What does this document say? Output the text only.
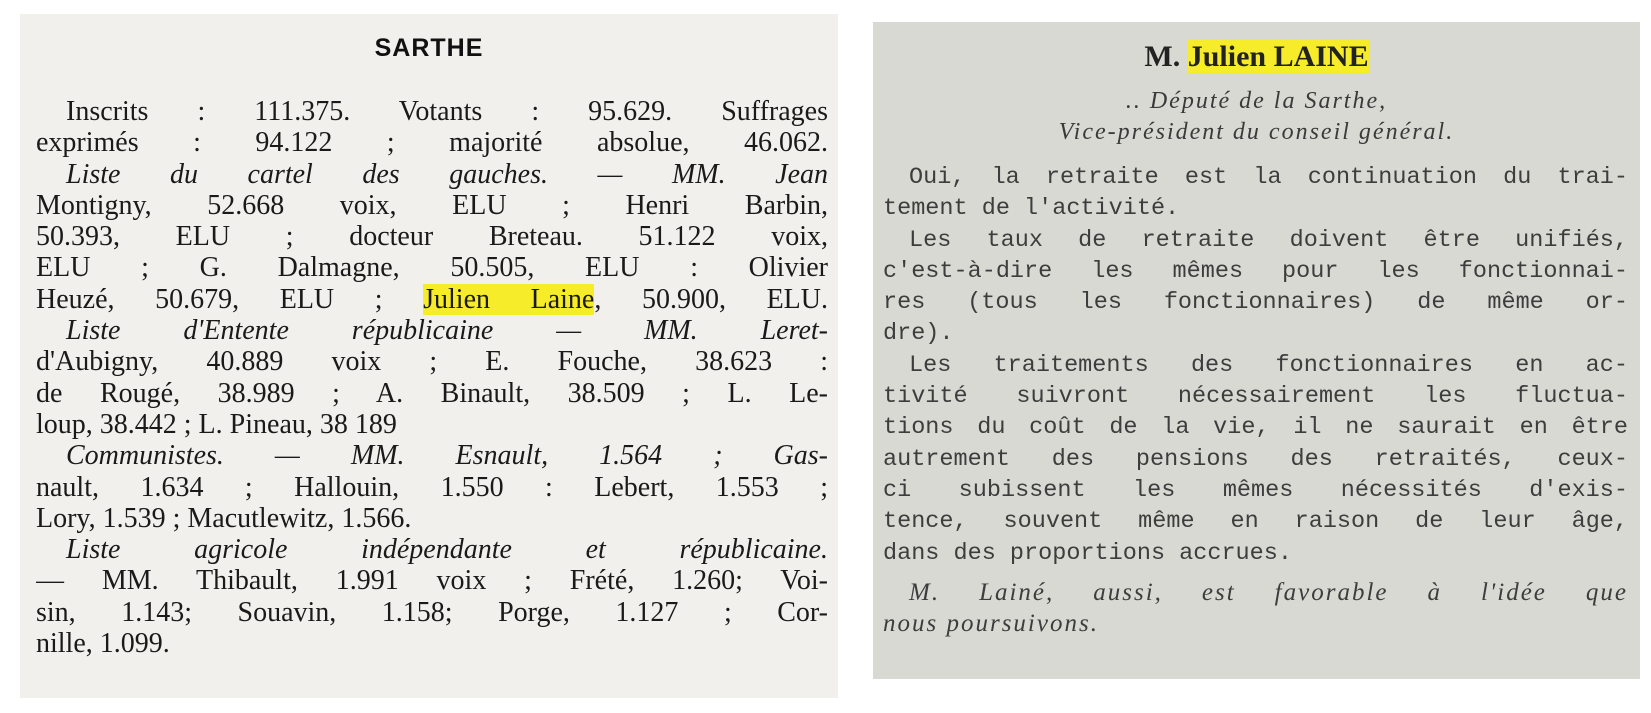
SARTHE
Inscrits : 111.375. Votants : 95.629. Suffrages
exprimés : 94.122 ; majorité absolue, 46.062.
Liste du cartel des gauches. — MM. Jean
Montigny, 52.668 voix, ELU ; Henri Barbin,
50.393, ELU ; docteur Breteau. 51.122 voix,
ELU ; G. Dalmagne, 50.505, ELU : Olivier
Heuzé, 50.679, ELU ; Julien Laine, 50.900, ELU.
Liste d'Entente républicaine — MM. Leret-
d'Aubigny, 40.889 voix ; E. Fouche, 38.623 :
de Rougé, 38.989 ; A. Binault, 38.509 ; L. Le-
loup, 38.442 ; L. Pineau, 38 189
Communistes. — MM. Esnault, 1.564 ; Gas-
nault, 1.634 ; Hallouin, 1.550 : Lebert, 1.553 ;
Lory, 1.539 ; Macutlewitz, 1.566.
Liste agricole indépendante et républicaine.
— MM. Thibault, 1.991 voix ; Frété, 1.260; Voi-
sin, 1.143; Souavin, 1.158; Porge, 1.127 ; Cor-
nille, 1.099.
M. Julien LAINE
.. Député de la Sarthe,
Vice-président du conseil général.
Oui, la retraite est la continuation du trai-
tement de l'activité.
Les taux de retraite doivent être unifiés,
c'est-à-dire les mêmes pour les fonctionnai-
res (tous les fonctionnaires) de même or-
dre).
Les traitements des fonctionnaires en ac-
tivité suivront nécessairement les fluctua-
tions du coût de la vie, il ne saurait en être
autrement des pensions des retraités, ceux-
ci subissent les mêmes nécessités d'exis-
tence, souvent même en raison de leur âge,
dans des proportions accrues.
M. Lainé, aussi, est favorable à l'idée que
nous poursuivons.
